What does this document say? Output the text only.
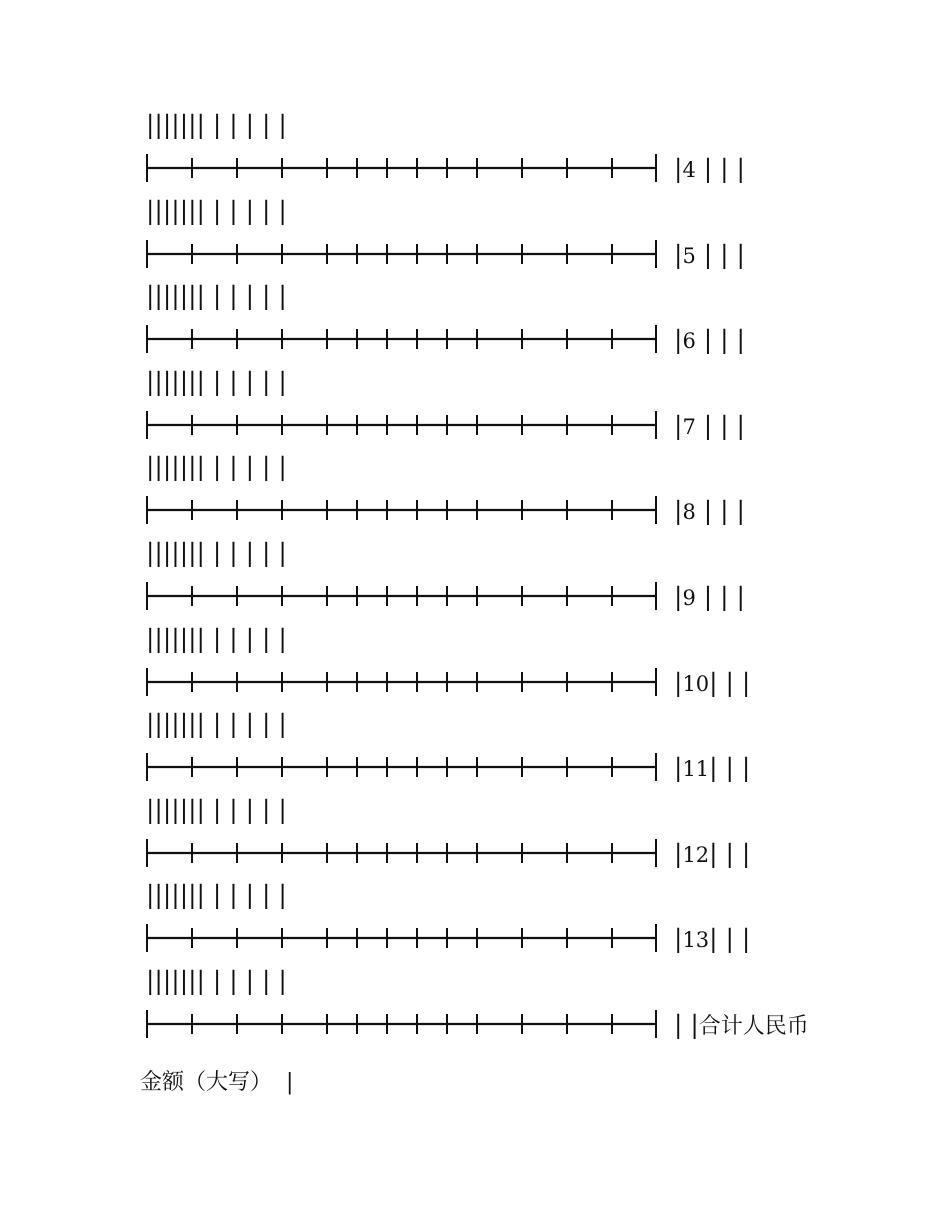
||||||| | | | | |
|4 | | |
||||||| | | | | |
|5 | | |
||||||| | | | | |
|6 | | |
||||||| | | | | |
|7 | | |
||||||| | | | | |
|8 | | |
||||||| | | | | |
|9 | | |
||||||| | | | | |
|10| | |
||||||| | | | | |
|11| | |
||||||| | | | | |
|12| | |
||||||| | | | | |
|13| | |
||||||| | | | | |
| |合计人民币
金额（大写）  |
